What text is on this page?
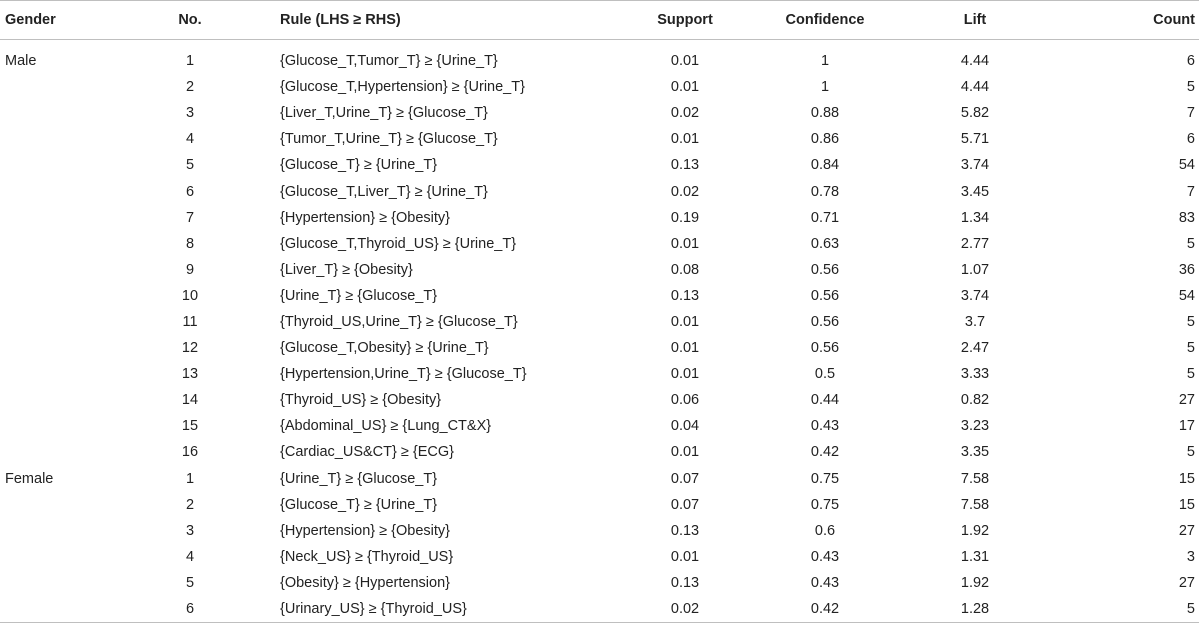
Gender	No.	Rule (LHS ≥ RHS)	Support	Confidence	Lift	Count
Male	1	{Glucose_T,Tumor_T} ≥ {Urine_T}	0.01	1	4.44	6
	2	{Glucose_T,Hypertension} ≥ {Urine_T}	0.01	1	4.44	5
	3	{Liver_T,Urine_T} ≥ {Glucose_T}	0.02	0.88	5.82	7
	4	{Tumor_T,Urine_T} ≥ {Glucose_T}	0.01	0.86	5.71	6
	5	{Glucose_T} ≥ {Urine_T}	0.13	0.84	3.74	54
	6	{Glucose_T,Liver_T} ≥ {Urine_T}	0.02	0.78	3.45	7
	7	{Hypertension} ≥ {Obesity}	0.19	0.71	1.34	83
	8	{Glucose_T,Thyroid_US} ≥ {Urine_T}	0.01	0.63	2.77	5
	9	{Liver_T} ≥ {Obesity}	0.08	0.56	1.07	36
	10	{Urine_T} ≥ {Glucose_T}	0.13	0.56	3.74	54
	11	{Thyroid_US,Urine_T} ≥ {Glucose_T}	0.01	0.56	3.7	5
	12	{Glucose_T,Obesity} ≥ {Urine_T}	0.01	0.56	2.47	5
	13	{Hypertension,Urine_T} ≥ {Glucose_T}	0.01	0.5	3.33	5
	14	{Thyroid_US} ≥ {Obesity}	0.06	0.44	0.82	27
	15	{Abdominal_US} ≥ {Lung_CT&X}	0.04	0.43	3.23	17
	16	{Cardiac_US&CT} ≥ {ECG}	0.01	0.42	3.35	5
Female	1	{Urine_T} ≥ {Glucose_T}	0.07	0.75	7.58	15
	2	{Glucose_T} ≥ {Urine_T}	0.07	0.75	7.58	15
	3	{Hypertension} ≥ {Obesity}	0.13	0.6	1.92	27
	4	{Neck_US} ≥ {Thyroid_US}	0.01	0.43	1.31	3
	5	{Obesity} ≥ {Hypertension}	0.13	0.43	1.92	27
	6	{Urinary_US} ≥ {Thyroid_US}	0.02	0.42	1.28	5
